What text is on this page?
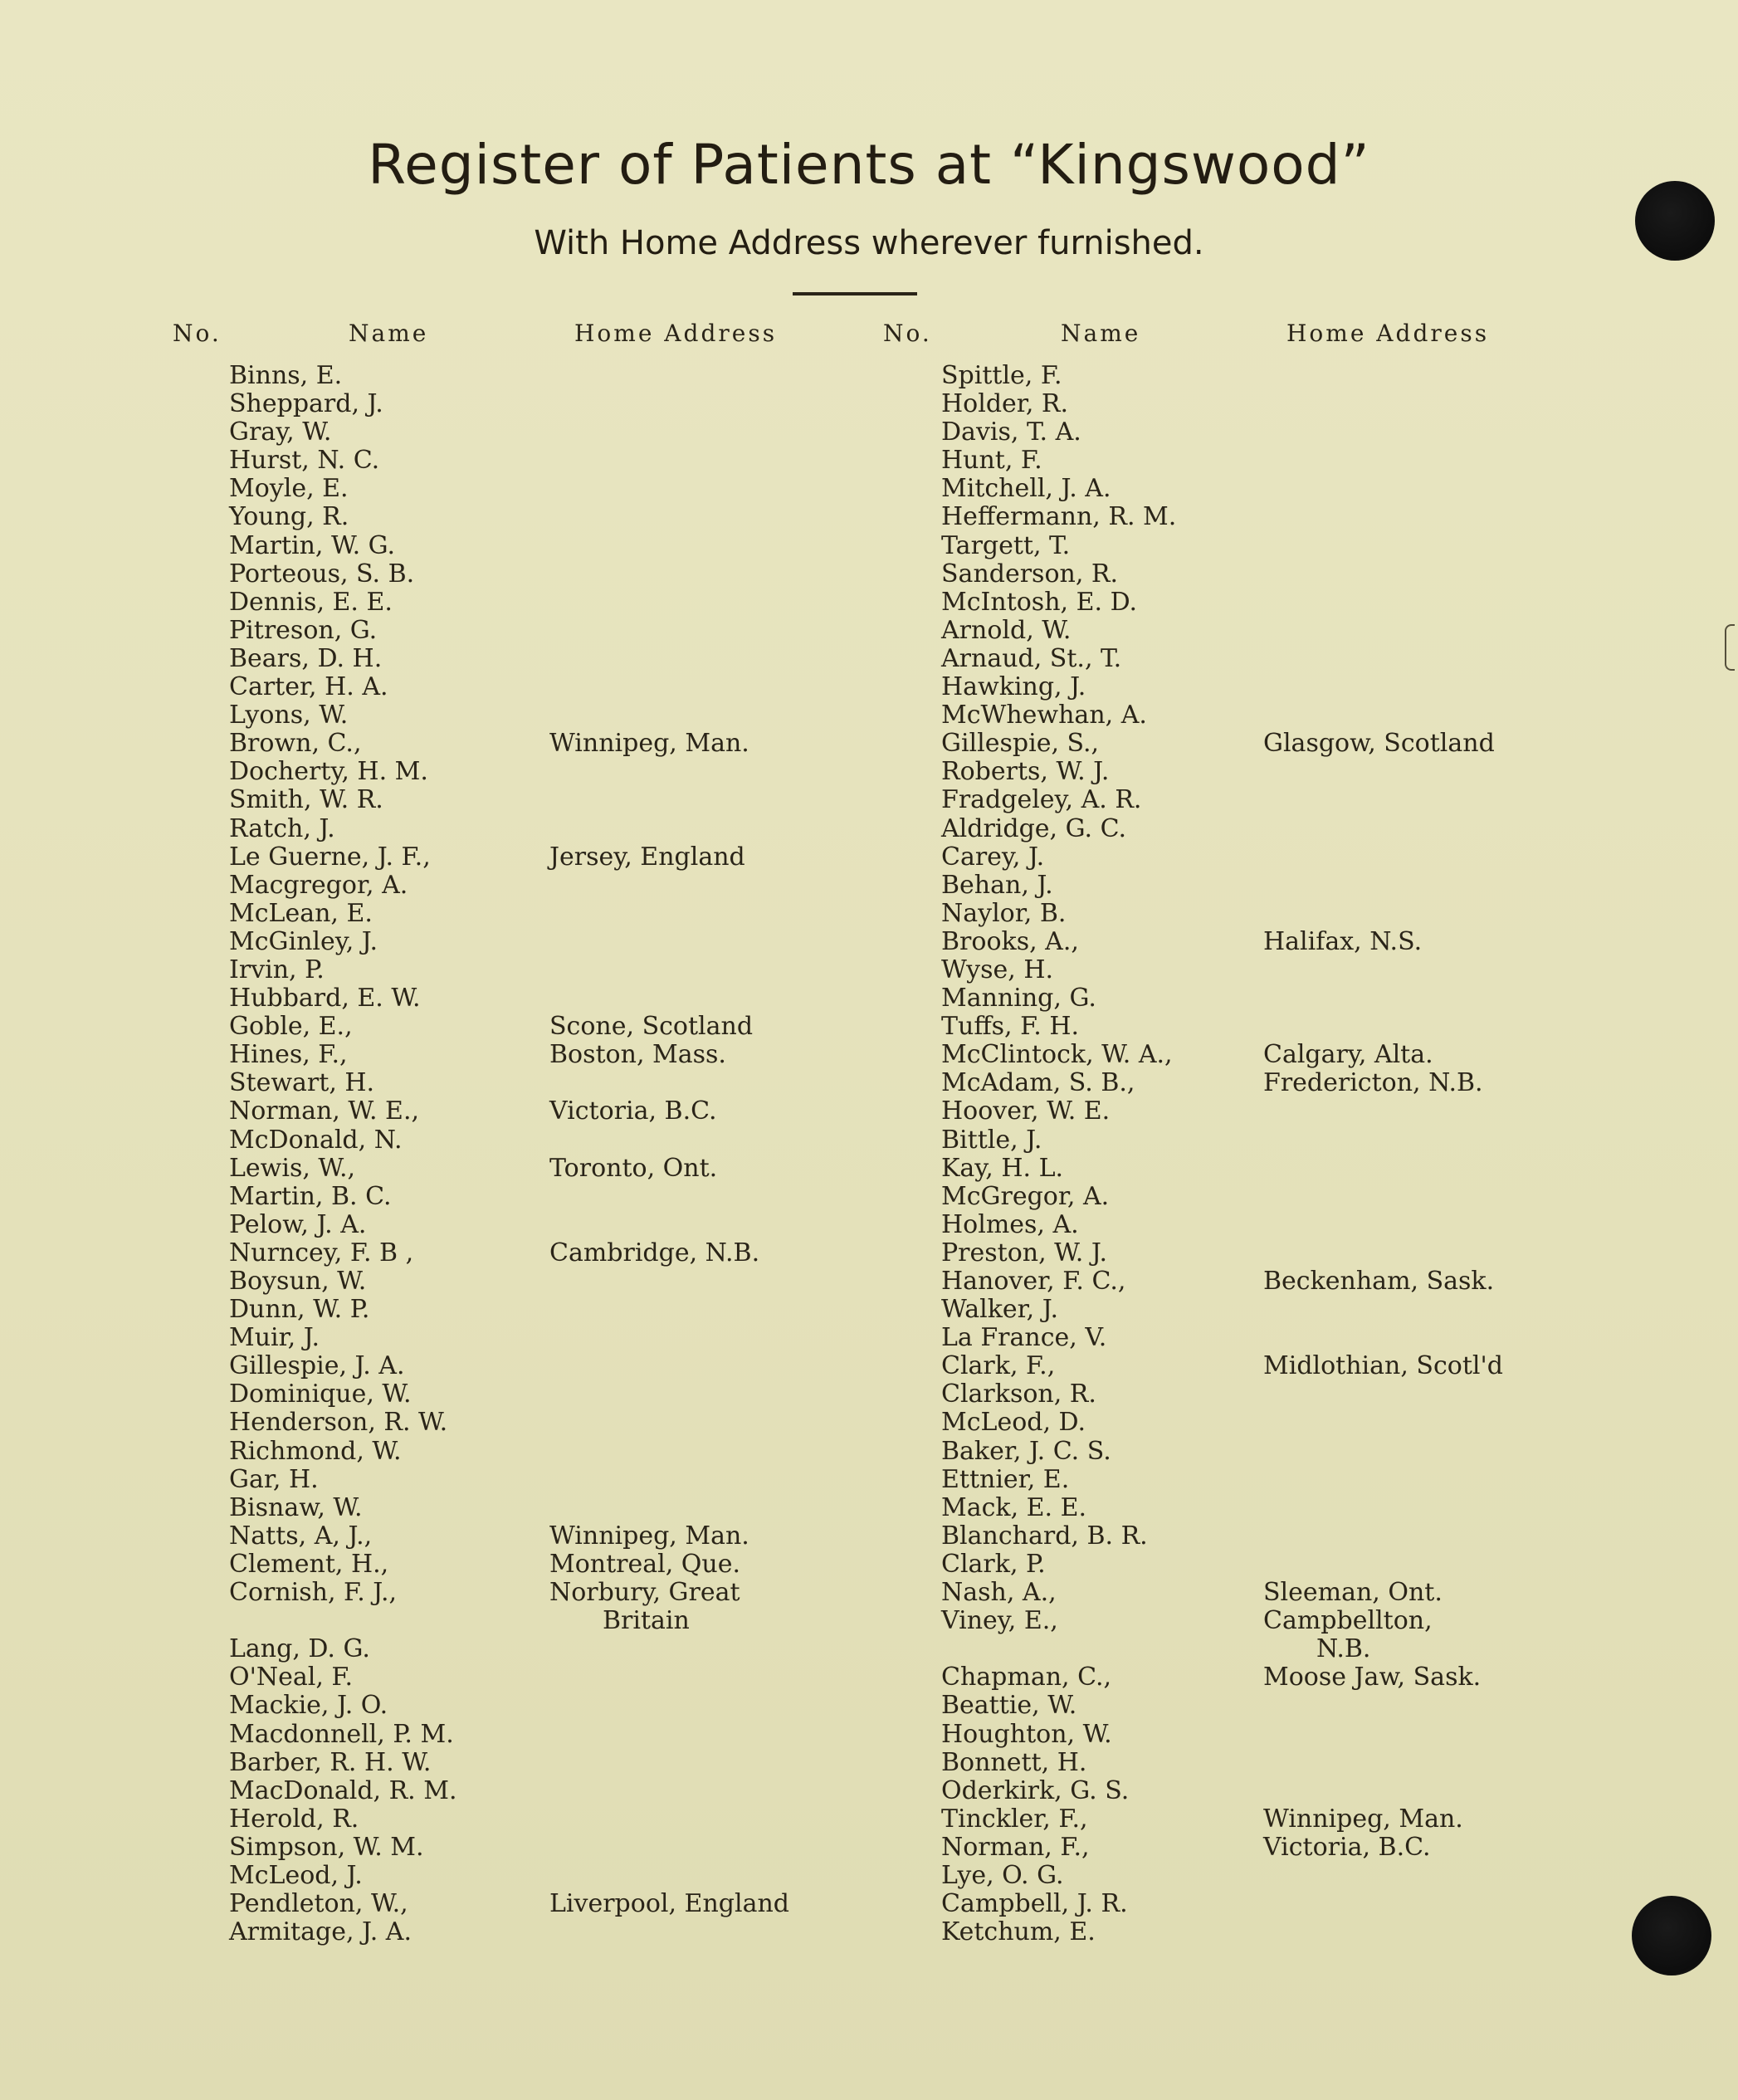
Register of Patients at “Kingswood”
With Home Address wherever furnished.
No.	Name	Home Address	No.	Name	Home Address
Binns, E.
Sheppard, J.
Gray, W.
Hurst, N. C.
Moyle, E.
Young, R.
Martin, W. G.
Porteous, S. B.
Dennis, E. E.
Pitreson, G.
Bears, D. H.
Carter, H. A.
Lyons, W.
Brown, C.,	Winnipeg, Man.
Docherty, H. M.
Smith, W. R.
Ratch, J.
Le Guerne, J. F.,	Jersey, England
Macgregor, A.
McLean, E.
McGinley, J.
Irvin, P.
Hubbard, E. W.
Goble, E.,	Scone, Scotland
Hines, F.,	Boston, Mass.
Stewart, H.
Norman, W. E.,	Victoria, B.C.
McDonald, N.
Lewis, W.,	Toronto, Ont.
Martin, B. C.
Pelow, J. A.
Nurncey, F. B ,	Cambridge, N.B.
Boysun, W.
Dunn, W. P.
Muir, J.
Gillespie, J. A.
Dominique, W.
Henderson, R. W.
Richmond, W.
Gar, H.
Bisnaw, W.
Natts, A, J.,	Winnipeg, Man.
Clement, H.,	Montreal, Que.
Cornish, F. J.,	Norbury, Great
Britain
Lang, D. G.
O'Neal, F.
Mackie, J. O.
Macdonnell, P. M.
Barber, R. H. W.
MacDonald, R. M.
Herold, R.
Simpson, W. M.
McLeod, J.
Pendleton, W.,	Liverpool, England
Armitage, J. A.
Spittle, F.
Holder, R.
Davis, T. A.
Hunt, F.
Mitchell, J. A.
Heffermann, R. M.
Targett, T.
Sanderson, R.
McIntosh, E. D.
Arnold, W.
Arnaud, St., T.
Hawking, J.
McWhewhan, A.
Gillespie, S.,	Glasgow, Scotland
Roberts, W. J.
Fradgeley, A. R.
Aldridge, G. C.
Carey, J.
Behan, J.
Naylor, B.
Brooks, A.,	Halifax, N.S.
Wyse, H.
Manning, G.
Tuffs, F. H.
McClintock, W. A.,	Calgary, Alta.
McAdam, S. B.,	Fredericton, N.B.
Hoover, W. E.
Bittle, J.
Kay, H. L.
McGregor, A.
Holmes, A.
Preston, W. J.
Hanover, F. C.,	Beckenham, Sask.
Walker, J.
La France, V.
Clark, F.,	Midlothian, Scotl'd
Clarkson, R.
McLeod, D.
Baker, J. C. S.
Ettnier, E.
Mack, E. E.
Blanchard, B. R.
Clark, P.
Nash, A.,	Sleeman, Ont.
Viney, E.,	Campbellton,
N.B.
Chapman, C.,	Moose Jaw, Sask.
Beattie, W.
Houghton, W.
Bonnett, H.
Oderkirk, G. S.
Tinckler, F.,	Winnipeg, Man.
Norman, F.,	Victoria, B.C.
Lye, O. G.
Campbell, J. R.
Ketchum, E.
